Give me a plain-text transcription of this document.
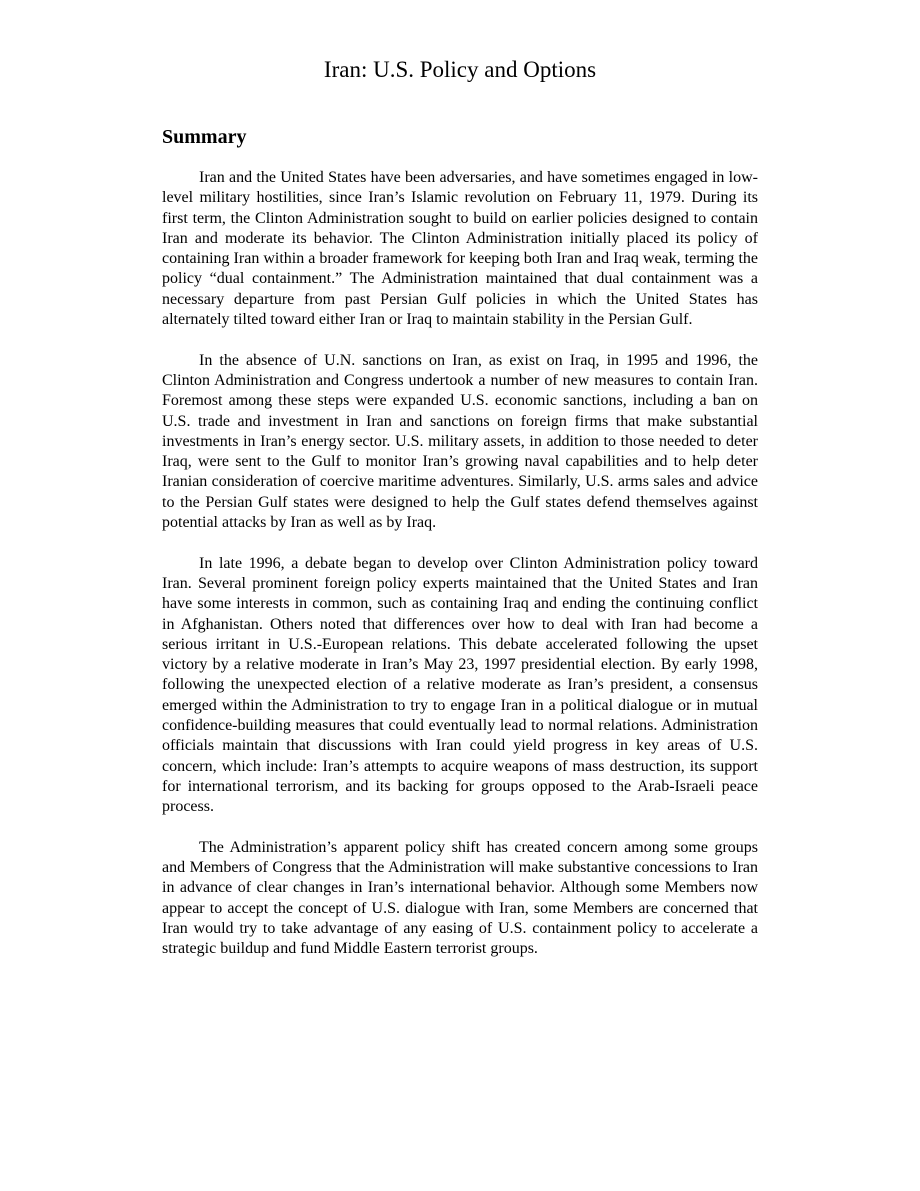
Iran: U.S. Policy and Options
Summary

Iran and the United States have been adversaries, and have sometimes engaged in low-level military hostilities, since Iran’s Islamic revolution on February 11, 1979. During its first term, the Clinton Administration sought to build on earlier policies designed to contain Iran and moderate its behavior. The Clinton Administration initially placed its policy of containing Iran within a broader framework for keeping both Iran and Iraq weak, terming the policy “dual containment.” The Administration maintained that dual containment was a necessary departure from past Persian Gulf policies in which the United States has alternately tilted toward either Iran or Iraq to maintain stability in the Persian Gulf.

In the absence of U.N. sanctions on Iran, as exist on Iraq, in 1995 and 1996, the Clinton Administration and Congress undertook a number of new measures to contain Iran. Foremost among these steps were expanded U.S. economic sanctions, including a ban on U.S. trade and investment in Iran and sanctions on foreign firms that make substantial investments in Iran’s energy sector. U.S. military assets, in addition to those needed to deter Iraq, were sent to the Gulf to monitor Iran’s growing naval capabilities and to help deter Iranian consideration of coercive maritime adventures. Similarly, U.S. arms sales and advice to the Persian Gulf states were designed to help the Gulf states defend themselves against potential attacks by Iran as well as by Iraq.

In late 1996, a debate began to develop over Clinton Administration policy toward Iran. Several prominent foreign policy experts maintained that the United States and Iran have some interests in common, such as containing Iraq and ending the continuing conflict in Afghanistan. Others noted that differences over how to deal with Iran had become a serious irritant in U.S.-European relations. This debate accelerated following the upset victory by a relative moderate in Iran’s May 23, 1997 presidential election. By early 1998, following the unexpected election of a relative moderate as Iran’s president, a consensus emerged within the Administration to try to engage Iran in a political dialogue or in mutual confidence-building measures that could eventually lead to normal relations. Administration officials maintain that discussions with Iran could yield progress in key areas of U.S. concern, which include: Iran’s attempts to acquire weapons of mass destruction, its support for international terrorism, and its backing for groups opposed to the Arab-Israeli peace process.

The Administration’s apparent policy shift has created concern among some groups and Members of Congress that the Administration will make substantive concessions to Iran in advance of clear changes in Iran’s international behavior. Although some Members now appear to accept the concept of U.S. dialogue with Iran, some Members are concerned that Iran would try to take advantage of any easing of U.S. containment policy to accelerate a strategic buildup and fund Middle Eastern terrorist groups.
